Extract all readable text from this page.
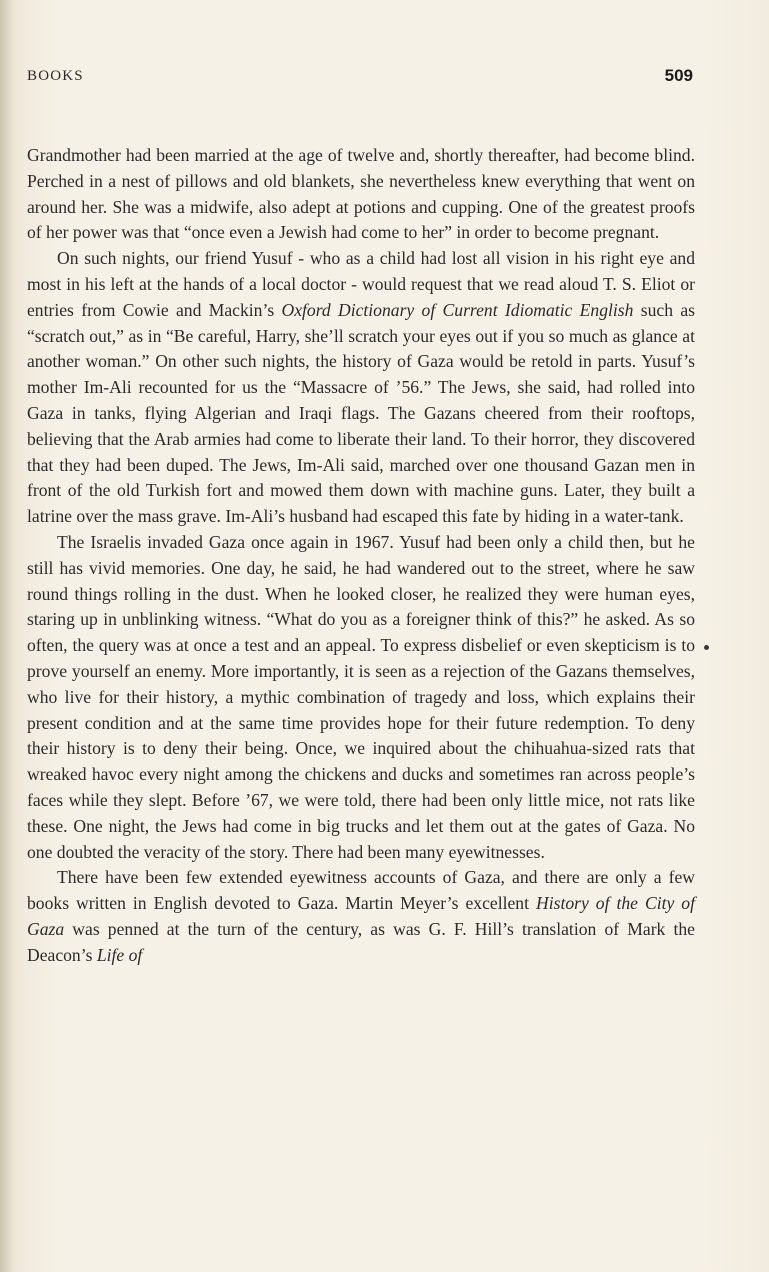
BOOKS	509

Grandmother had been married at the age of twelve and, shortly thereafter, had become blind. Perched in a nest of pillows and old blankets, she nevertheless knew everything that went on around her. She was a midwife, also adept at potions and cupping. One of the greatest proofs of her power was that “once even a Jewish had come to her” in order to become pregnant.

On such nights, our friend Yusuf - who as a child had lost all vision in his right eye and most in his left at the hands of a local doctor - would request that we read aloud T. S. Eliot or entries from Cowie and Mackin’s Oxford Dictionary of Current Idiomatic English such as “scratch out,” as in “Be careful, Harry, she’ll scratch your eyes out if you so much as glance at another woman.” On other such nights, the history of Gaza would be retold in parts. Yusuf’s mother Im-Ali recounted for us the “Massacre of ’56.” The Jews, she said, had rolled into Gaza in tanks, flying Algerian and Iraqi flags. The Gazans cheered from their rooftops, believing that the Arab armies had come to liberate their land. To their horror, they discovered that they had been duped. The Jews, Im-Ali said, marched over one thousand Gazan men in front of the old Turkish fort and mowed them down with machine guns. Later, they built a latrine over the mass grave. Im-Ali’s husband had escaped this fate by hiding in a water-tank.

The Israelis invaded Gaza once again in 1967. Yusuf had been only a child then, but he still has vivid memories. One day, he said, he had wandered out to the street, where he saw round things rolling in the dust. When he looked closer, he realized they were human eyes, staring up in unblinking witness. “What do you as a foreigner think of this?” he asked. As so often, the query was at once a test and an appeal. To express disbelief or even skepticism is to prove yourself an enemy. More importantly, it is seen as a rejection of the Gazans themselves, who live for their history, a mythic combination of tragedy and loss, which explains their present condition and at the same time provides hope for their future redemption. To deny their history is to deny their being. Once, we inquired about the chihuahua-sized rats that wreaked havoc every night among the chickens and ducks and sometimes ran across people’s faces while they slept. Before ’67, we were told, there had been only little mice, not rats like these. One night, the Jews had come in big trucks and let them out at the gates of Gaza. No one doubted the veracity of the story. There had been many eyewitnesses.

There have been few extended eyewitness accounts of Gaza, and there are only a few books written in English devoted to Gaza. Martin Meyer’s excellent History of the City of Gaza was penned at the turn of the century, as was G. F. Hill’s translation of Mark the Deacon’s Life of
